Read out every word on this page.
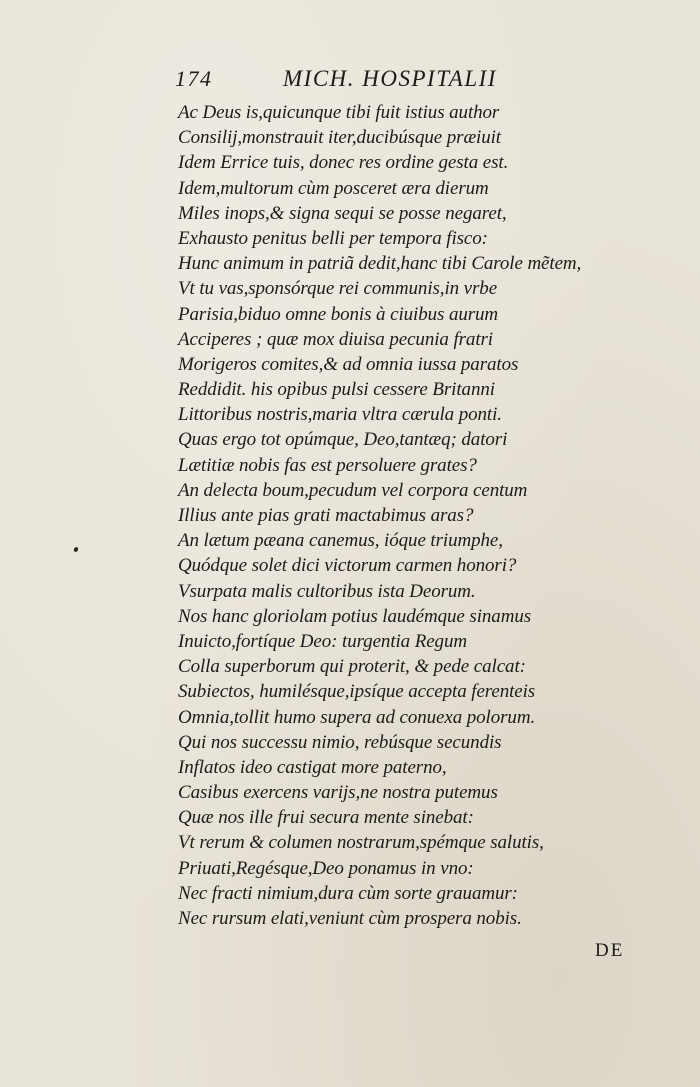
174	MICH. HOSPITALII
Ac Deus is,quicunque tibi fuit istius author
Consilij,monstrauit iter,ducibúsque præiuit
Idem Errice tuis, donec res ordine gesta est.
Idem,multorum cùm posceret æra dierum
Miles inops,& signa sequi se posse negaret,
Exhausto penitus belli per tempora fisco:
Hunc animum in patriã dedit,hanc tibi Carole mẽtem,
Vt tu vas,sponsórque rei communis,in vrbe
Parisia,biduo omne bonis à ciuibus aurum
Acciperes ; quæ mox diuisa pecunia fratri
Morigeros comites,& ad omnia iussa paratos
Reddidit. his opibus pulsi cessere Britanni
Littoribus nostris,maria vltra cærula ponti.
Quas ergo tot opúmque, Deo,tantæq; datori
Lætitiæ nobis fas est persoluere grates?
An delecta boum,pecudum vel corpora centum
Illius ante pias grati mactabimus aras?
An lætum pæana canemus, ióque triumphe,
Quódque solet dici victorum carmen honori?
Vsurpata malis cultoribus ista Deorum.
Nos hanc gloriolam potius laudémque sinamus
Inuicto,fortíque Deo: turgentia Regum
Colla superborum qui proterit, & pede calcat:
Subiectos, humilésque,ipsíque accepta ferenteis
Omnia,tollit humo supera ad conuexa polorum.
Qui nos successu nimio, rebúsque secundis
Inflatos ideo castigat more paterno,
Casibus exercens varijs,ne nostra putemus
Quæ nos ille frui secura mente sinebat:
Vt rerum & columen nostrarum,spémque salutis,
Priuati,Regésque,Deo ponamus in vno:
Nec fracti nimium,dura cùm sorte grauamur:
Nec rursum elati,veniunt cùm prospera nobis.
DE
